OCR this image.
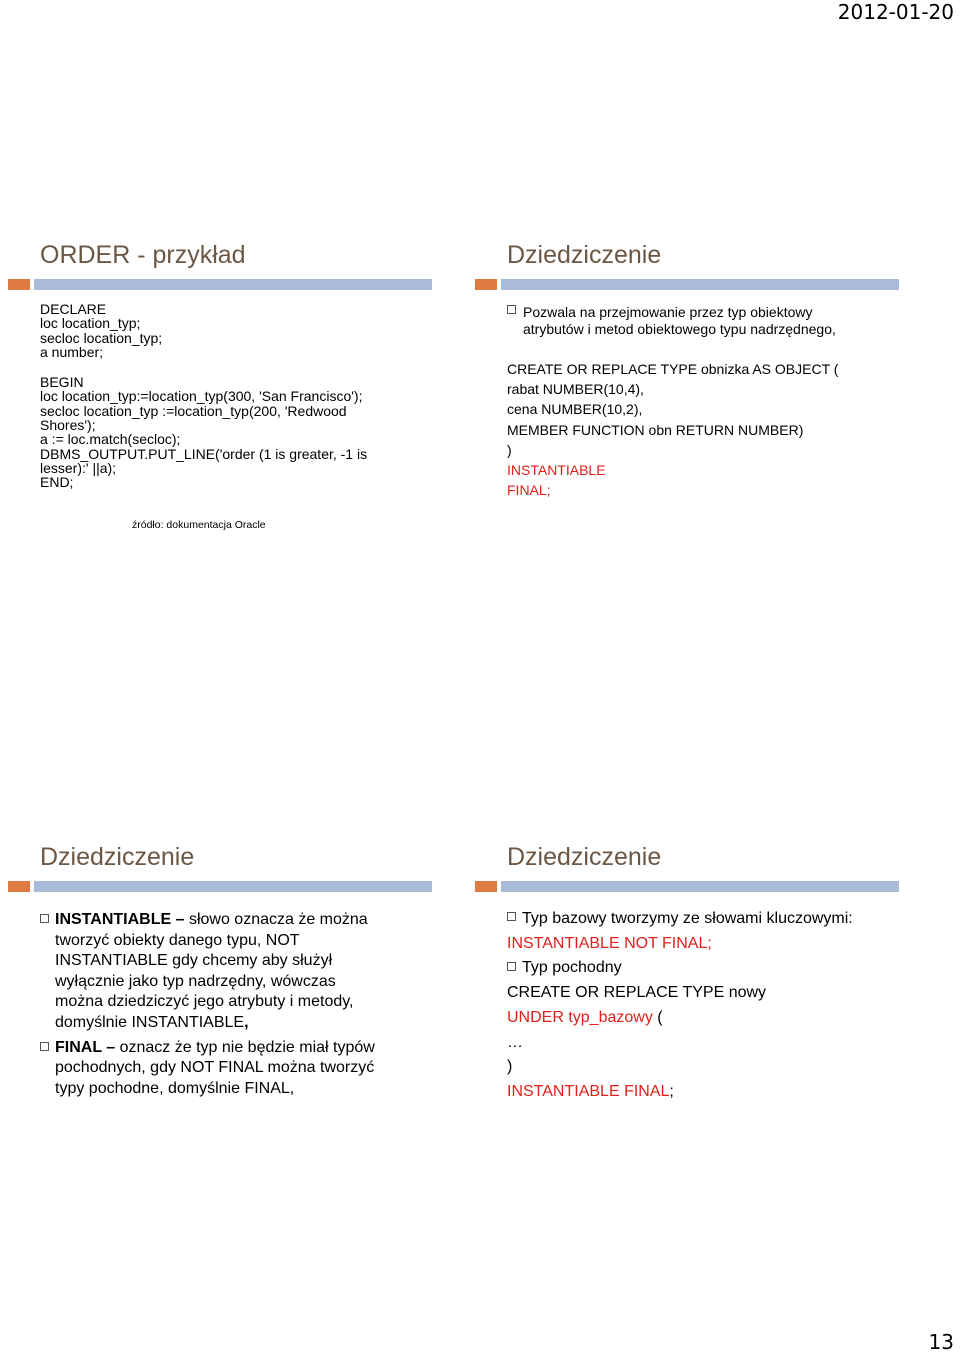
2012-01-20
ORDER - przykład
DECLARE
loc location_typ;
secloc location_typ;
a number;
BEGIN
loc location_typ:=location_typ(300, 'San Francisco');
secloc location_typ :=location_typ(200, 'Redwood
Shores');
a := loc.match(secloc);
DBMS_OUTPUT.PUT_LINE('order (1 is greater, -1 is
lesser):' ||a);
END;
Dziedziczenie
Pozwala na przejmowanie przez typ obiektowy
atrybutów i metod obiektowego typu nadrzędnego,
CREATE OR REPLACE TYPE obnizka AS OBJECT (
rabat NUMBER(10,4),
cena NUMBER(10,2),
MEMBER FUNCTION obn RETURN NUMBER)
)
INSTANTIABLE
FINAL;
źródło: dokumentacja Oracle
Dziedziczenie
INSTANTIABLE – słowo oznacza że można
tworzyć obiekty danego typu, NOT
INSTANTIABLE gdy chcemy aby służył
wyłącznie jako typ nadrzędny, wówczas
można dziedziczyć jego atrybuty i metody,
domyślnie INSTANTIABLE,
FINAL – oznacz że typ nie będzie miał typów
pochodnych, gdy NOT FINAL można tworzyć
typy pochodne, domyślnie FINAL,
Dziedziczenie
Typ bazowy tworzymy ze słowami kluczowymi:
INSTANTIABLE NOT FINAL;
Typ pochodny
CREATE OR REPLACE TYPE nowy
UNDER typ_bazowy (
…
)
INSTANTIABLE FINAL;
13
